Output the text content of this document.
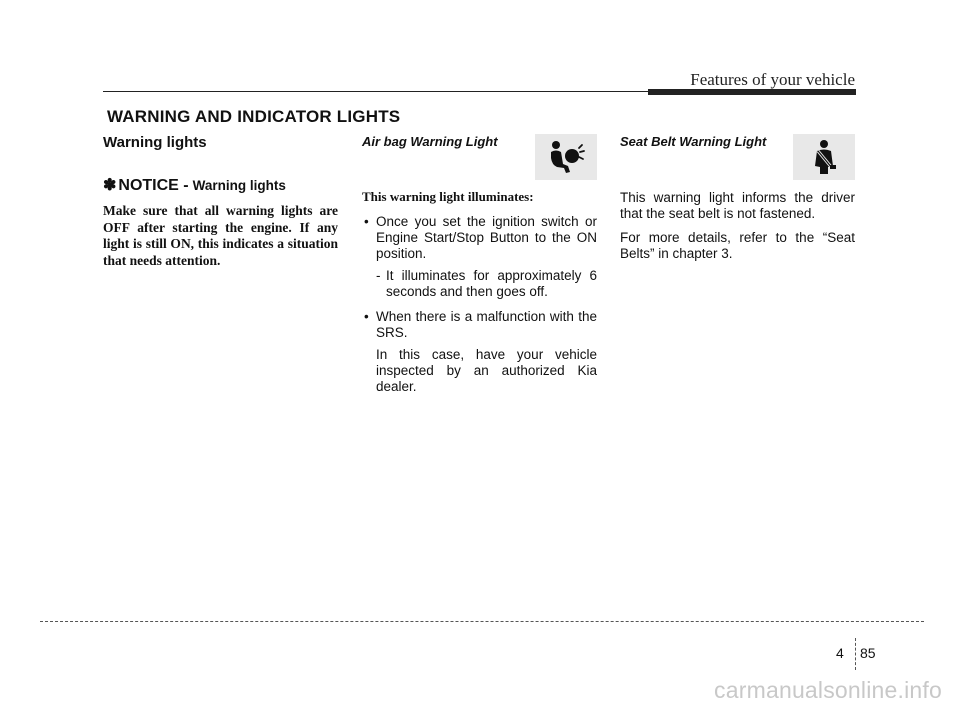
Features of your vehicle
WARNING AND INDICATOR LIGHTS
Warning lights
✽ NOTICE - Warning lights
Make sure that all warning lights are OFF after starting the engine. If any light is still ON, this indicates a situation that needs attention.
Air bag Warning Light
This warning light illuminates:
• Once you set the ignition switch or Engine Start/Stop Button to the ON position.
- It illuminates for approximately 6 seconds and then goes off.
• When there is a malfunction with the SRS.
In this case, have your vehicle inspected by an authorized Kia dealer.
Seat Belt Warning Light
This warning light informs the driver that the seat belt is not fastened.
For more details, refer to the “Seat Belts” in chapter 3.
4 85
carmanualsonline.info
